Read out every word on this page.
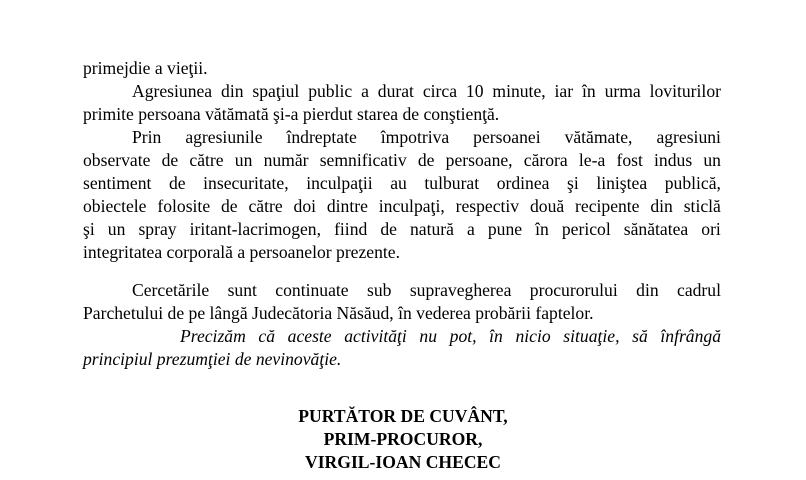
primejdie a vieţii.
Agresiunea din spaţiul public a durat circa 10 minute, iar în urma loviturilor
primite persoana vătămată şi-a pierdut starea de conştienţă.
Prin agresiunile îndreptate împotriva persoanei vătămate, agresiuni
observate de către un număr semnificativ de persoane, cărora le-a fost indus un
sentiment de insecuritate, inculpaţii au tulburat ordinea şi liniştea publică,
obiectele folosite de către doi dintre inculpaţi, respectiv două recipente din sticlă
şi un spray iritant-lacrimogen, fiind de natură a pune în pericol sănătatea ori
integritatea corporală a persoanelor prezente.
Cercetările sunt continuate sub supravegherea procurorului din cadrul
Parchetului de pe lângă Judecătoria Năsăud, în vederea probării faptelor.
Precizăm că aceste activităţi nu pot, în nicio situaţie, să înfrângă
principiul prezumţiei de nevinovăţie.
PURTĂTOR DE CUVÂNT,
PRIM-PROCUROR,
VIRGIL-IOAN CHECEC
